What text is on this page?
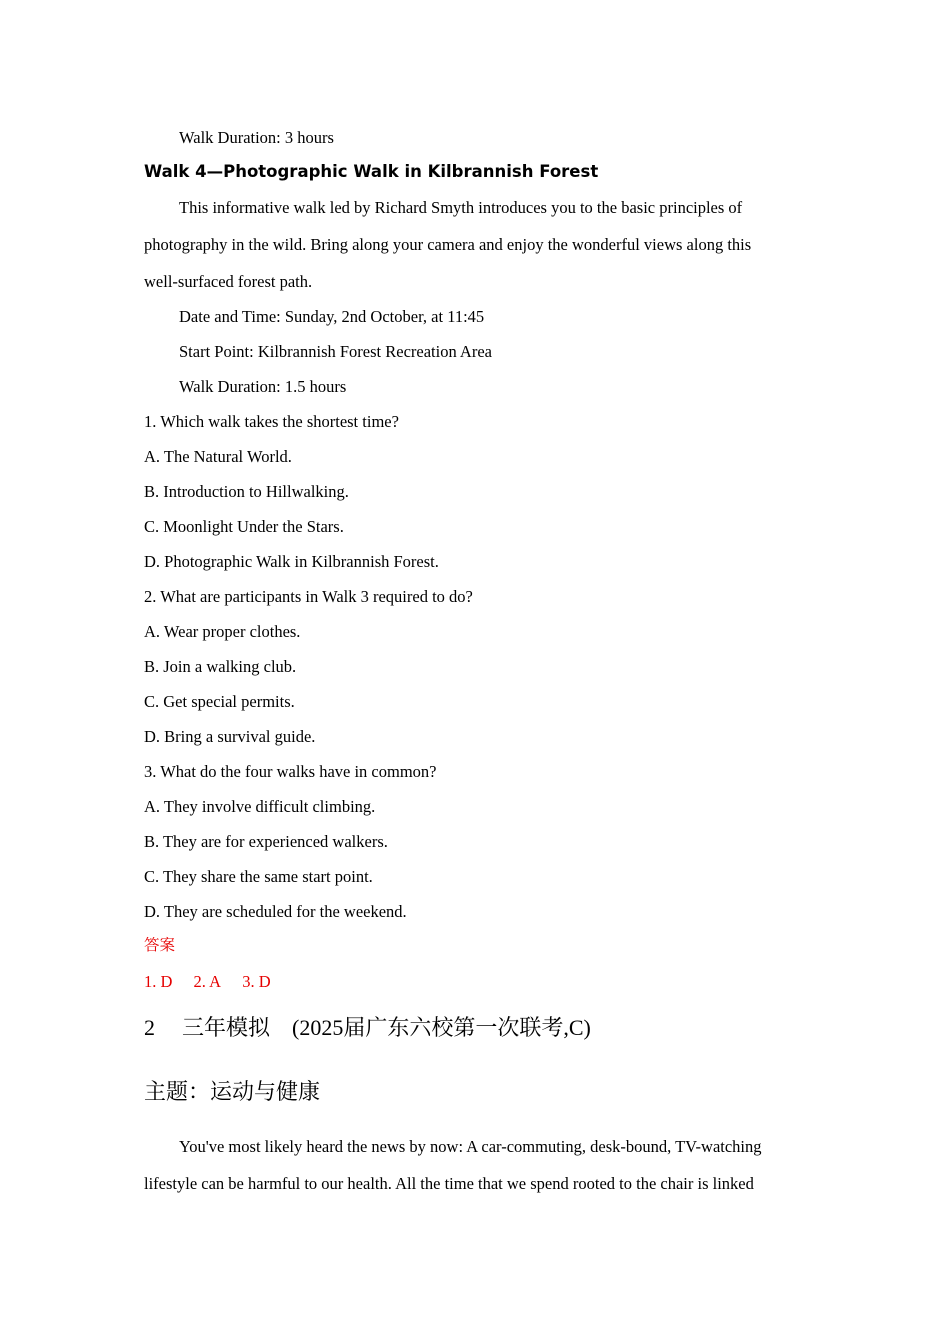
Walk Duration: 3 hours
Walk 4—Photographic Walk in Kilbrannish Forest
This informative walk led by Richard Smyth introduces you to the basic principles of
photography in the wild. Bring along your camera and enjoy the wonderful views along this
well-surfaced forest path.
Date and Time: Sunday, 2nd October, at 11:45
Start Point: Kilbrannish Forest Recreation Area
Walk Duration: 1.5 hours
1. Which walk takes the shortest time?
A. The Natural World.
B. Introduction to Hillwalking.
C. Moonlight Under the Stars.
D. Photographic Walk in Kilbrannish Forest.
2. What are participants in Walk 3 required to do?
A. Wear proper clothes.
B. Join a walking club.
C. Get special permits.
D. Bring a survival guide.
3. What do the four walks have in common?
A. They involve difficult climbing.
B. They are for experienced walkers.
C. They share the same start point.
D. They are scheduled for the weekend.
答案
1. D 2. A 3. D
2 三年模拟 (2025届广东六校第一次联考,C)
主题：运动与健康
You've most likely heard the news by now: A car-commuting, desk-bound, TV-watching
lifestyle can be harmful to our health. All the time that we spend rooted to the chair is linked
